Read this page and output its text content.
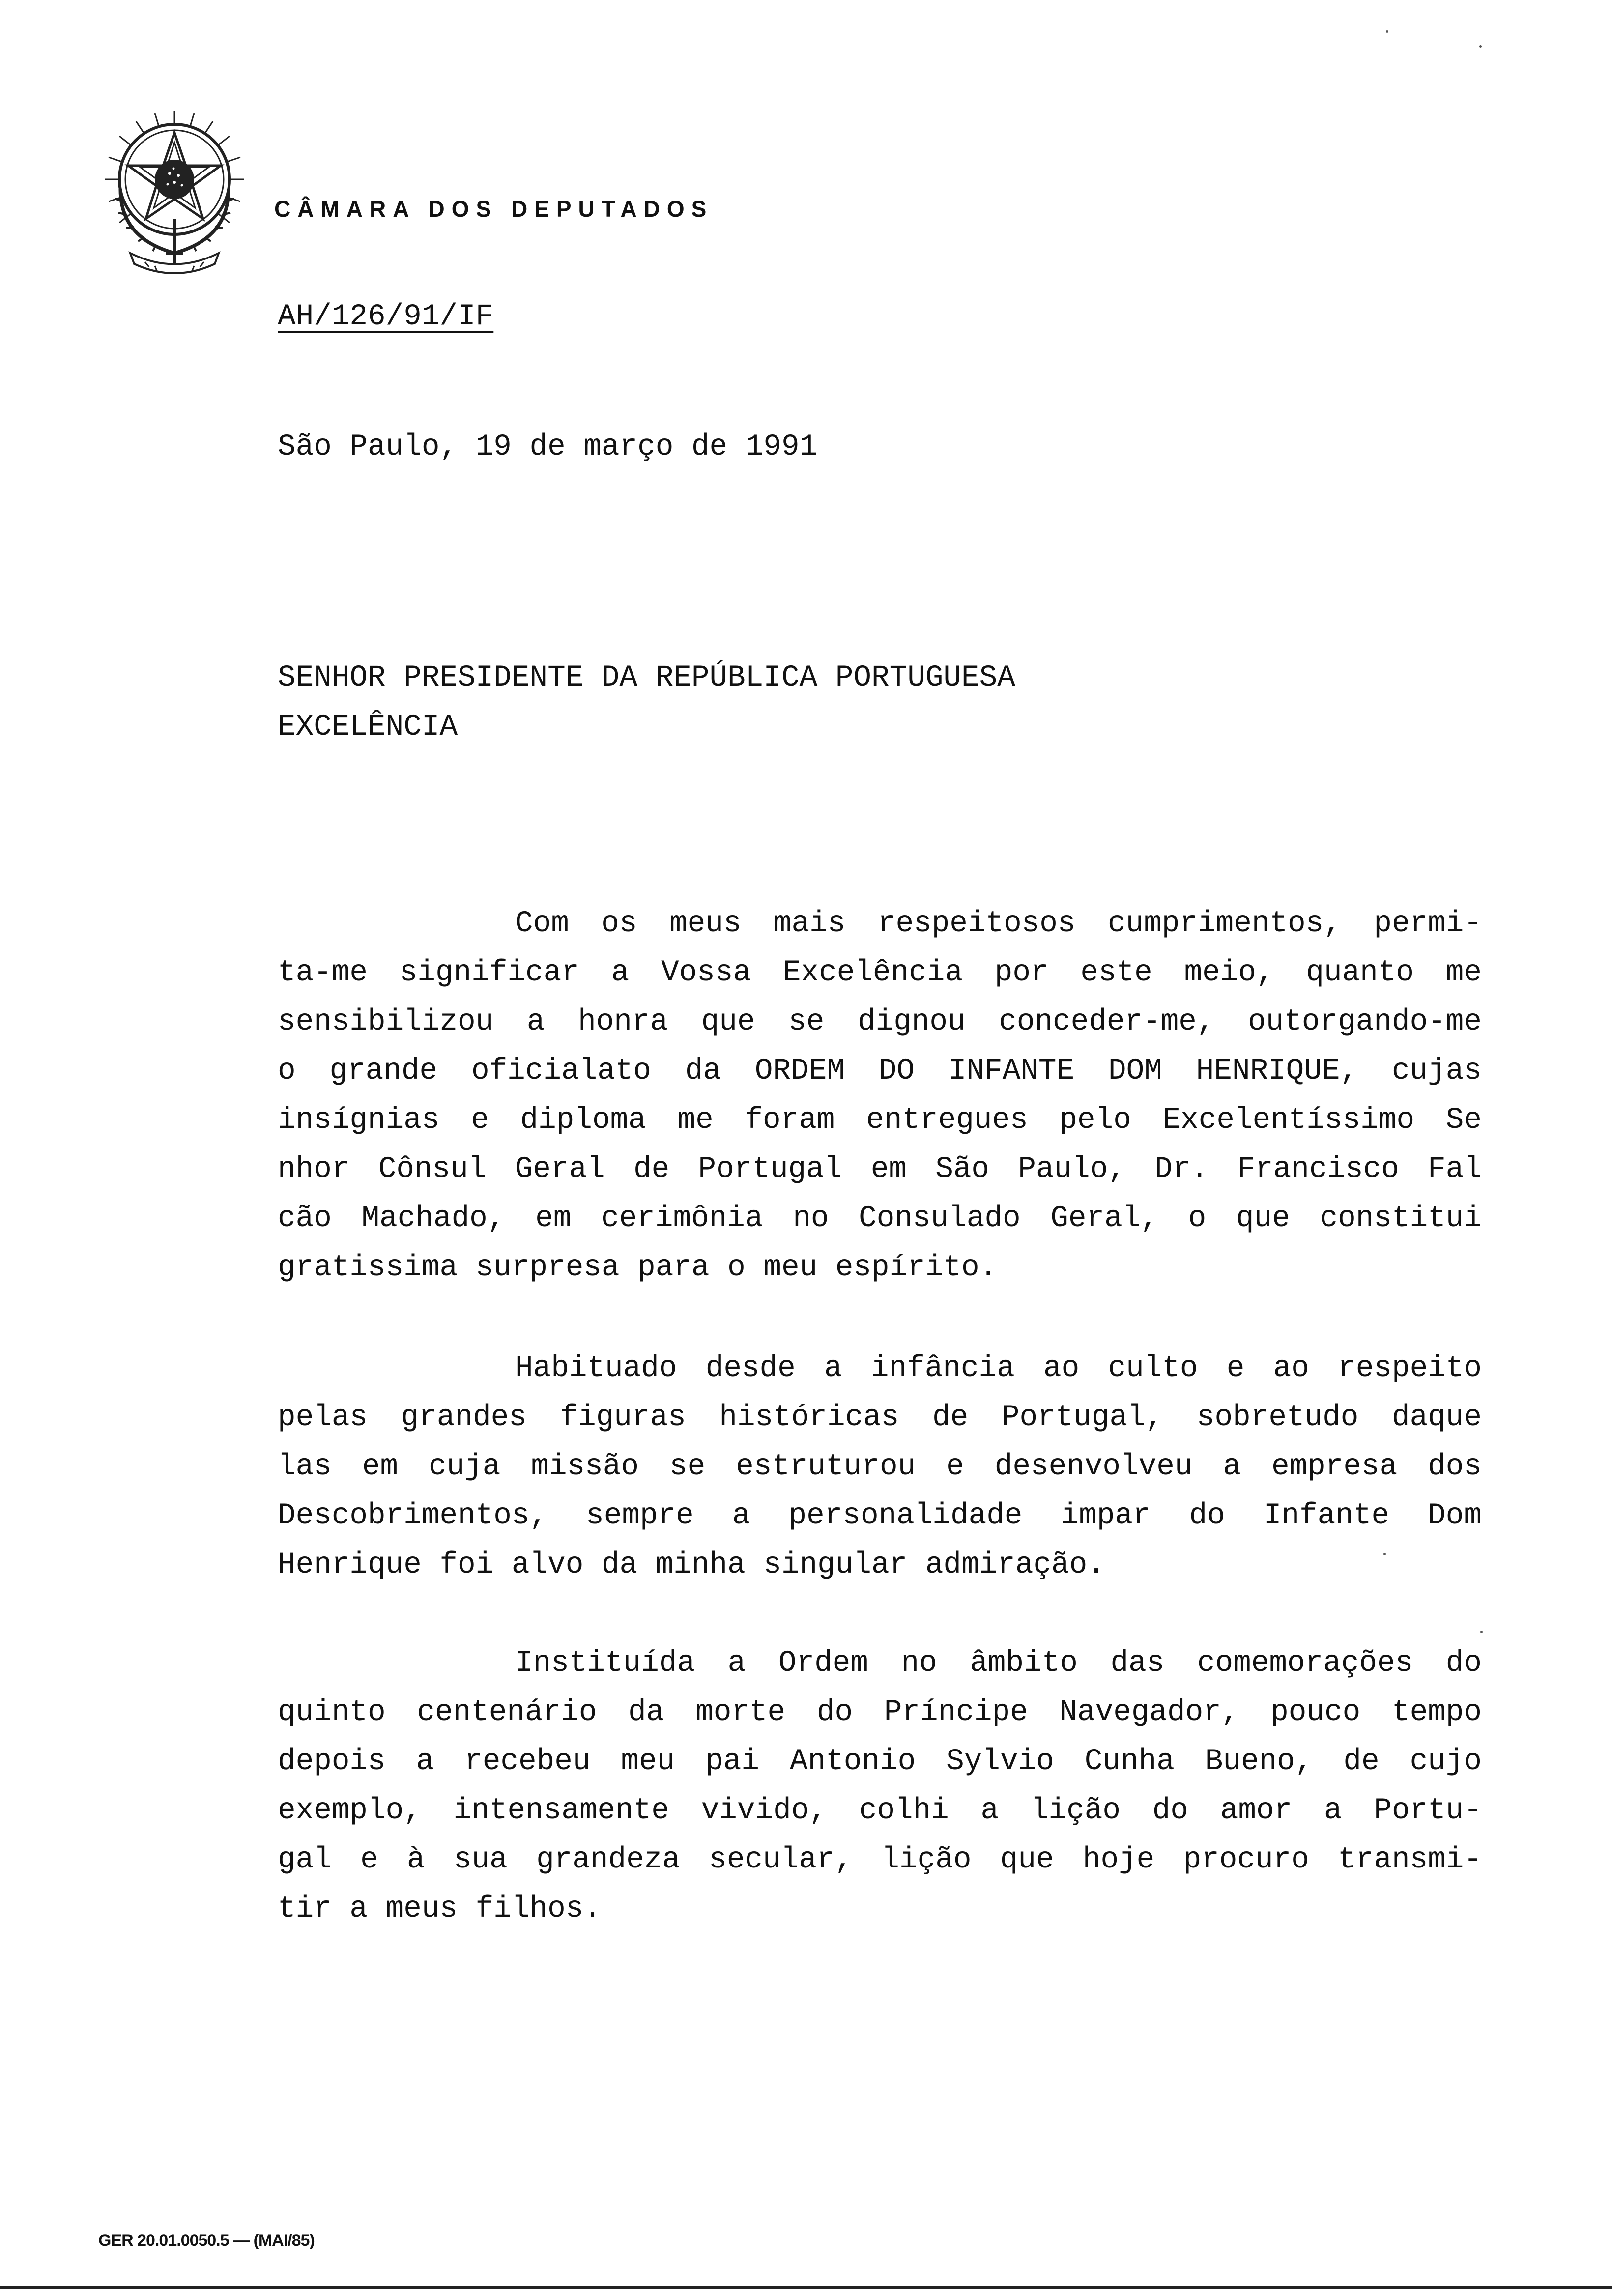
CÂMARA DOS DEPUTADOS
AH/126/91/IF
São Paulo, 19 de março de 1991
SENHOR PRESIDENTE DA REPÚBLICA PORTUGUESA
EXCELÊNCIA
Com os meus mais respeitosos cumprimentos, permi-
ta-me significar a Vossa Excelência por este meio, quanto me
sensibilizou a honra que se dignou conceder-me, outorgando-me
o grande oficialato da ORDEM DO INFANTE DOM HENRIQUE, cujas
insígnias e diploma me foram entregues pelo Excelentíssimo Se
nhor Cônsul Geral de Portugal em São Paulo, Dr. Francisco Fal
cão Machado, em cerimônia no Consulado Geral, o que constitui
gratissima surpresa para o meu espírito.
Habituado desde a infância ao culto e ao respeito
pelas grandes figuras históricas de Portugal, sobretudo daque
las em cuja missão se estruturou e desenvolveu a empresa dos
Descobrimentos, sempre a personalidade impar do Infante Dom
Henrique foi alvo da minha singular admiração.
Instituída a Ordem no âmbito das comemorações do
quinto centenário da morte do Príncipe Navegador, pouco tempo
depois a recebeu meu pai Antonio Sylvio Cunha Bueno, de cujo
exemplo, intensamente vivido, colhi a lição do amor a Portu-
gal e à sua grandeza secular, lição que hoje procuro transmi-
tir a meus filhos.
GER 20.01.0050.5 — (MAI/85)
